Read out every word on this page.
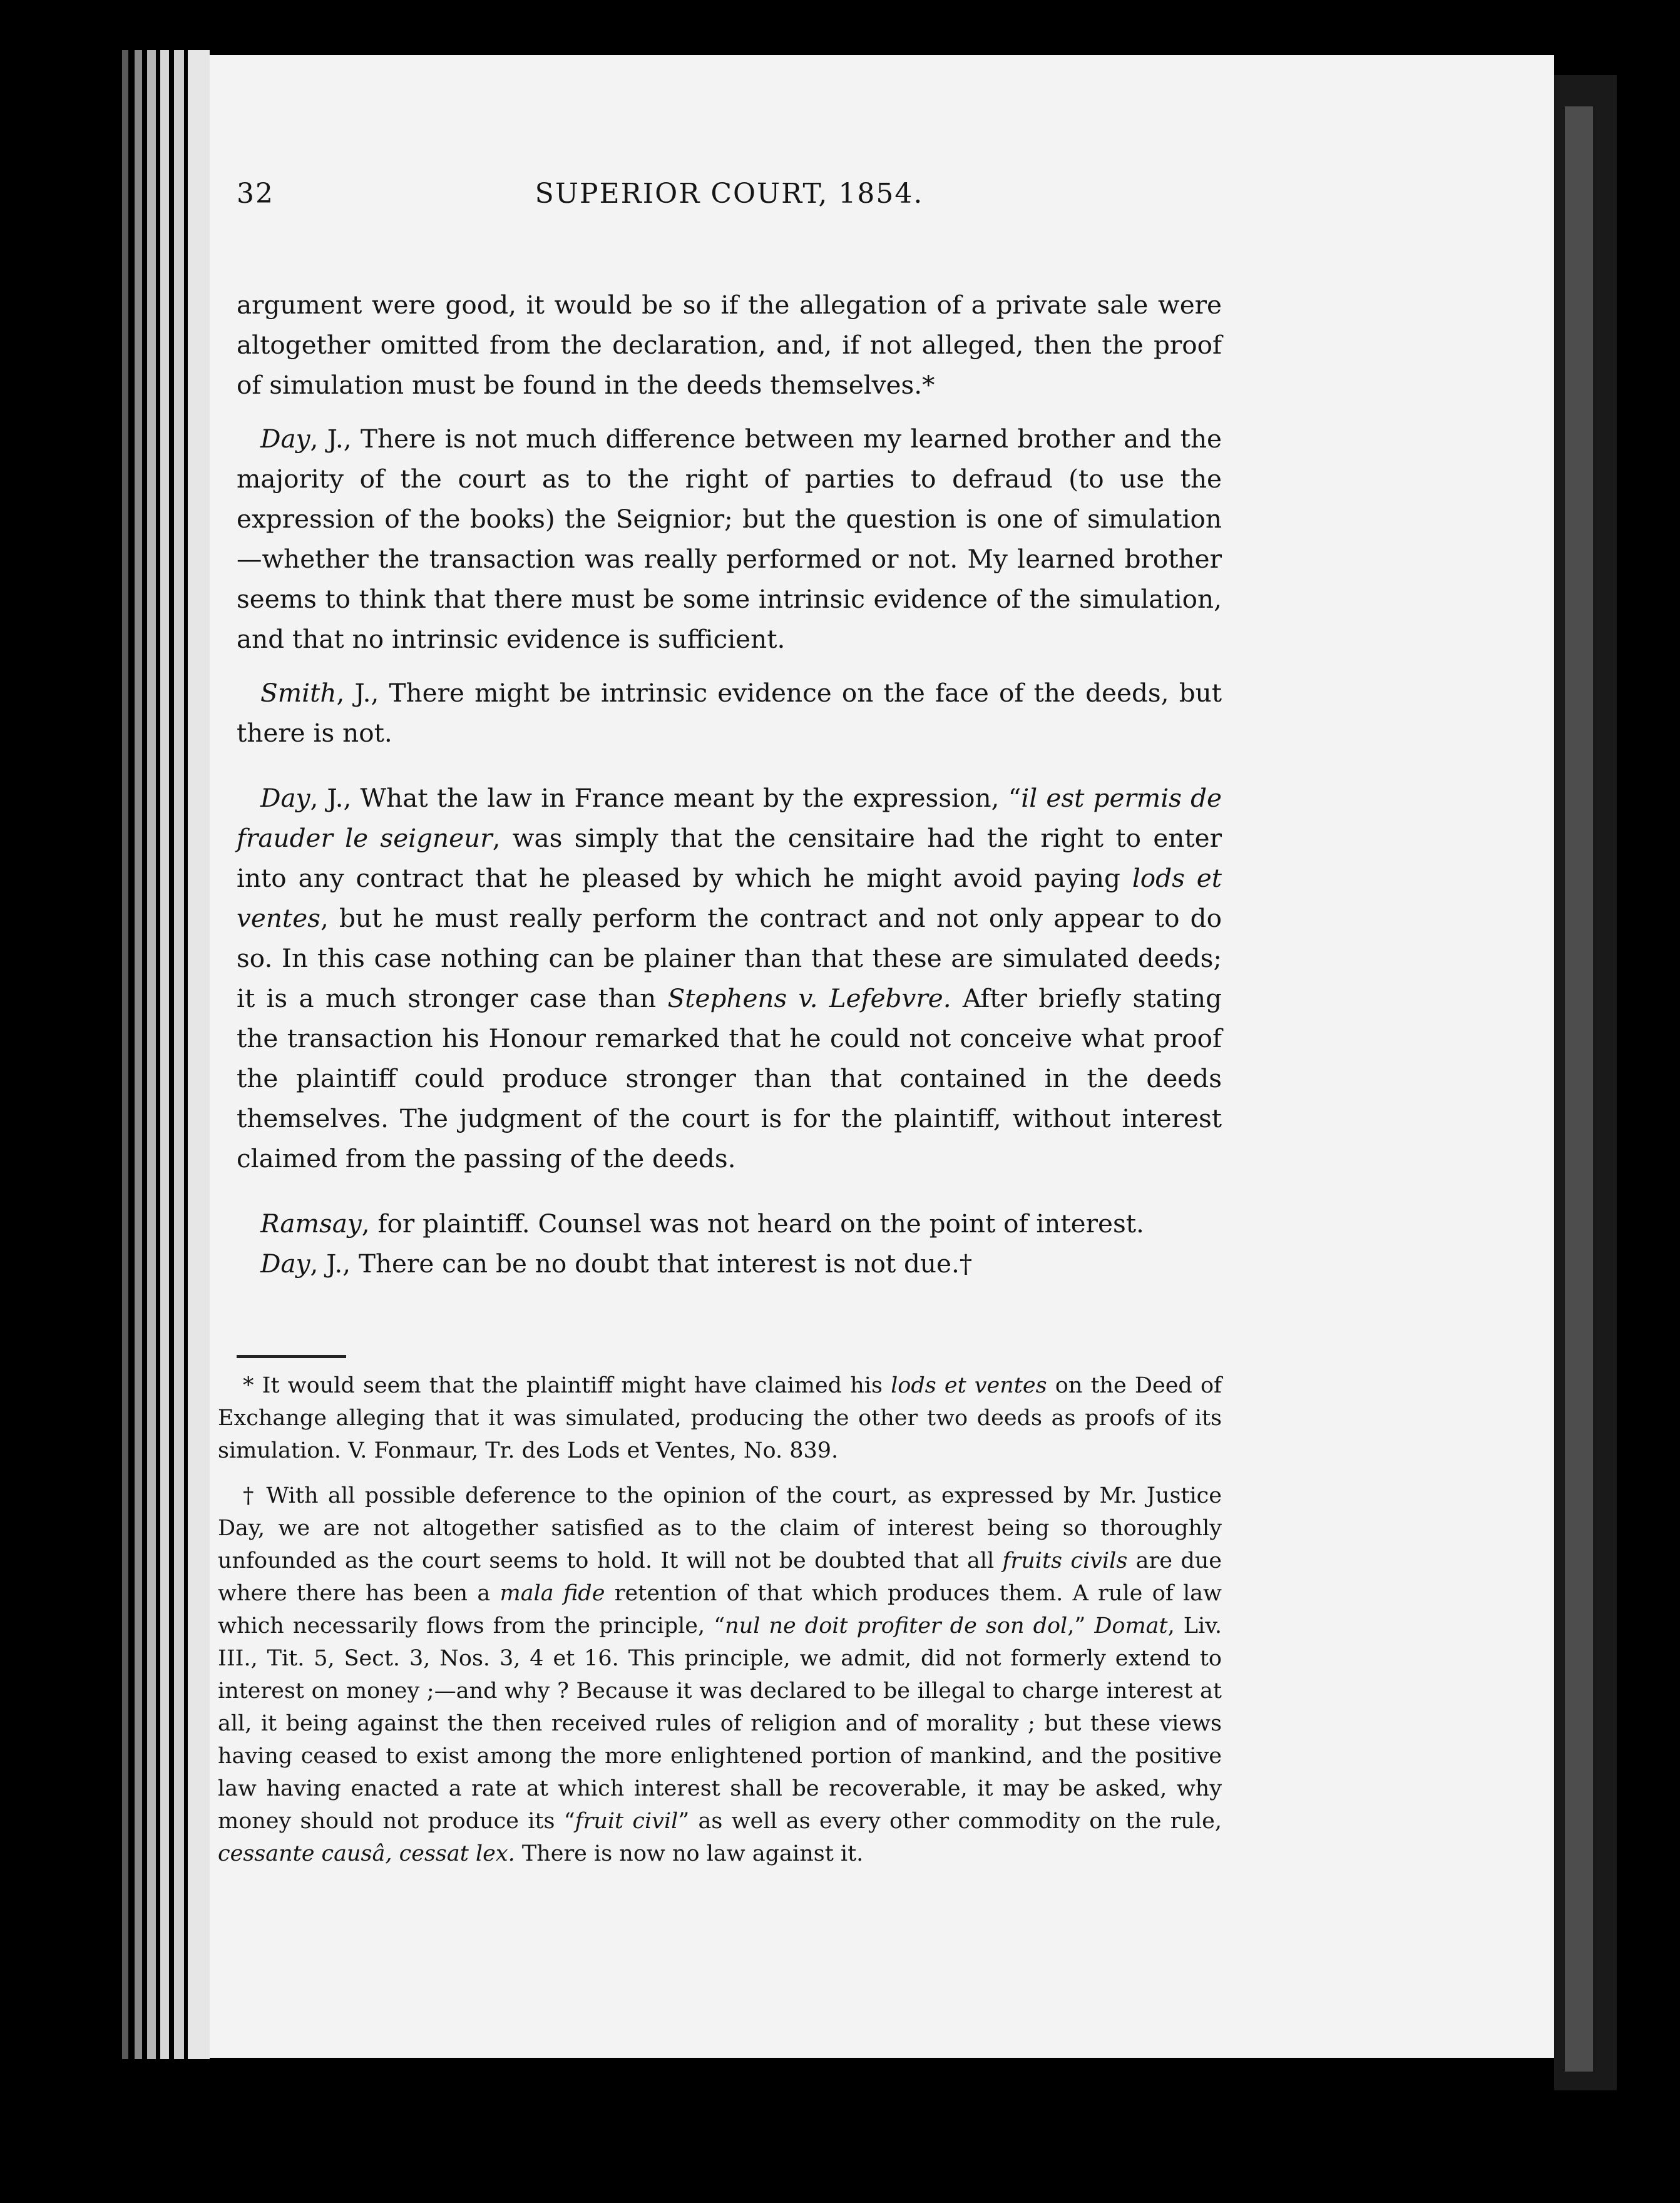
32	SUPERIOR COURT, 1854.

argument were good, it would be so if the allegation of a private sale were altogether omitted from the declaration, and, if not alleged, then the proof of simulation must be found in the deeds themselves.*

Day, J., There is not much difference between my learned brother and the majority of the court as to the right of parties to defraud (to use the expression of the books) the Seignior; but the question is one of simulation—whether the transaction was really performed or not. My learned brother seems to think that there must be some intrinsic evidence of the simulation, and that no intrinsic evidence is sufficient.

Smith, J., There might be intrinsic evidence on the face of the deeds, but there is not.

Day, J., What the law in France meant by the expression, “il est permis de frauder le seigneur, was simply that the censitaire had the right to enter into any contract that he pleased by which he might avoid paying lods et ventes, but he must really perform the contract and not only appear to do so. In this case nothing can be plainer than that these are simulated deeds; it is a much stronger case than Stephens v. Lefebvre. After briefly stating the transaction his Honour remarked that he could not conceive what proof the plaintiff could produce stronger than that contained in the deeds themselves. The judgment of the court is for the plaintiff, without interest claimed from the passing of the deeds.

Ramsay, for plaintiff. Counsel was not heard on the point of interest.

Day, J., There can be no doubt that interest is not due.†

* It would seem that the plaintiff might have claimed his lods et ventes on the Deed of Exchange alleging that it was simulated, producing the other two deeds as proofs of its simulation. V. Fonmaur, Tr. des Lods et Ventes, No. 839.

† With all possible deference to the opinion of the court, as expressed by Mr. Justice Day, we are not altogether satisfied as to the claim of interest being so thoroughly unfounded as the court seems to hold. It will not be doubted that all fruits civils are due where there has been a mala fide retention of that which produces them. A rule of law which necessarily flows from the principle, “nul ne doit profiter de son dol,” Domat, Liv. III., Tit. 5, Sect. 3, Nos. 3, 4 et 16. This principle, we admit, did not formerly extend to interest on money ;—and why ? Because it was declared to be illegal to charge interest at all, it being against the then received rules of religion and of morality ; but these views having ceased to exist among the more enlightened portion of mankind, and the positive law having enacted a rate at which interest shall be recoverable, it may be asked, why money should not produce its “fruit civil” as well as every other commodity on the rule, cessante causâ, cessat lex. There is now no law against it.
